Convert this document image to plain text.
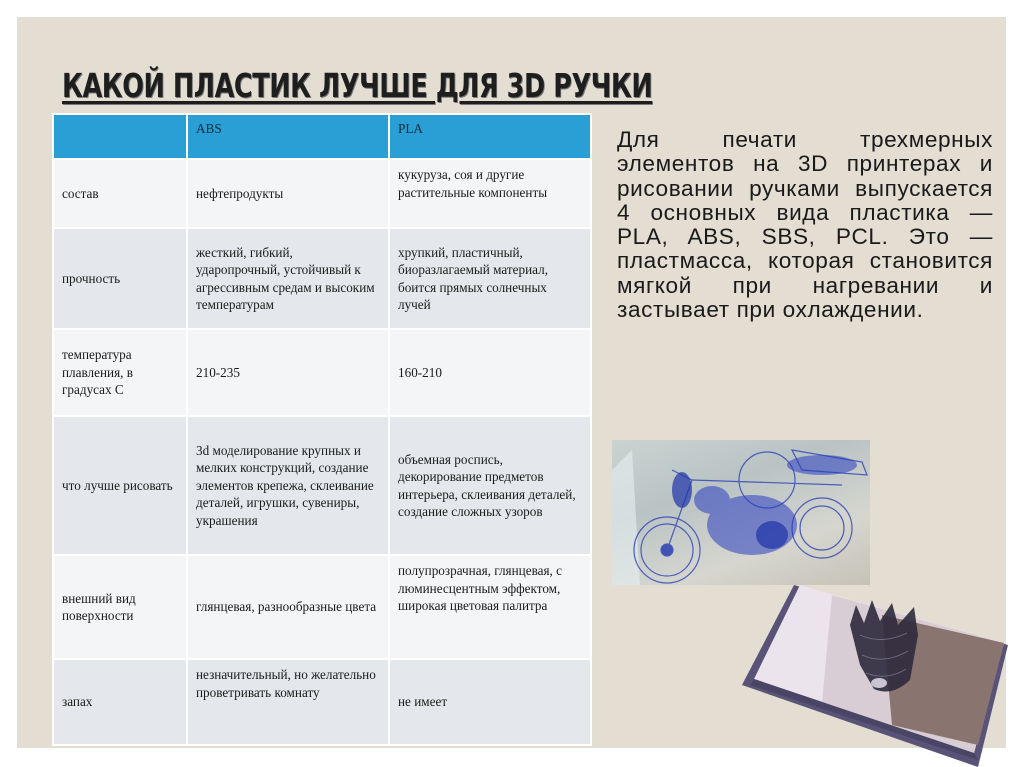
КАКОЙ ПЛАСТИК ЛУЧШЕ ДЛЯ 3D РУЧКИ
	ABS	PLA
состав	нефтепродукты	кукуруза, соя и другие растительные компоненты
прочность	жесткий, гибкий, ударопрочный, устойчивый к агрессивным средам и высоким температурам	хрупкий, пластичный, биоразлагаемый материал, боится прямых солнечных лучей
температура плавления, в градусах С	210-235	160-210
что лучше рисовать	3d моделирование крупных и мелких конструкций, создание элементов крепежа, склеивание деталей, игрушки, сувениры, украшения	объемная роспись, декорирование предметов интерьера, склеивания деталей, создание сложных узоров
внешний вид поверхности	глянцевая, разнообразные цвета	полупрозрачная, глянцевая, с люминесцентным эффектом, широкая цветовая палитра
запах	незначительный, но желательно проветривать комнату	не имеет

Для печати трехмерных элементов на 3D принтерах и рисовании ручками выпускается 4 основных вида пластика — PLA, ABS, SBS, PCL. Это — пластмасса, которая становится мягкой при нагревании и застывает при охлаждении.
